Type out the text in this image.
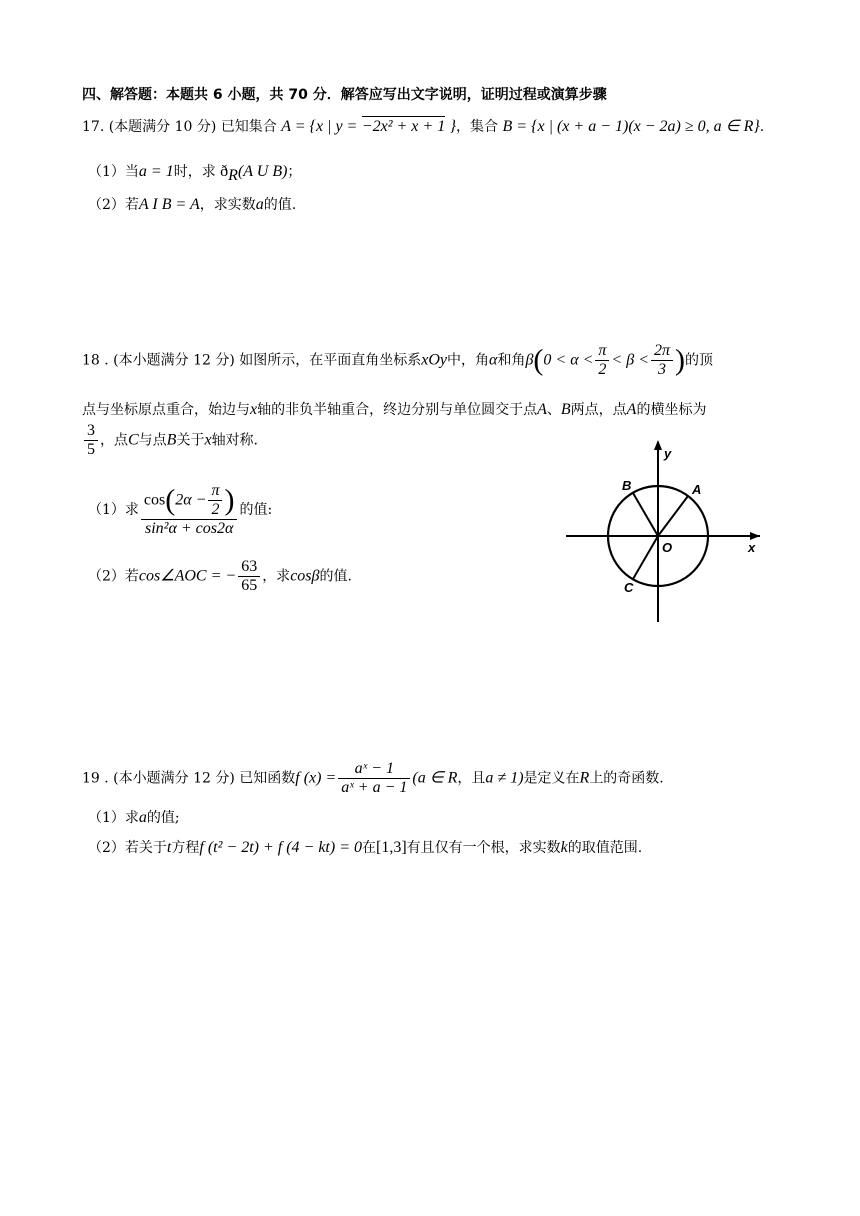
四、解答题：本题共 6 小题，共 70 分．解答应写出文字说明，证明过程或演算步骤
17. (本题满分 10 分) 已知集合 A = {x | y = −2x² + x + 1 }，集合 B = {x | (x + a − 1)(x − 2a) ≥ 0, a ∈ R}.
（1）当a = 1时，求 $ð_R(A$ U B)；
（2）若A I B = A，求实数a的值.
18 . (本小题满分 12 分) 如图所示，在平面直角坐标系xOy中，角α和角$\beta(0 < \alpha < \frac{\pi}{2} < \beta < \frac{2\pi}{3}$ )的顶
点与坐标原点重合，始边与x轴的非负半轴重合，终边分别与单位圆交于点A、B两点，点A的横坐标为
$\frac{3}{5}$ ，点C与点B关于x轴对称.
（1）求 $\frac{\cos(2\alpha - \frac{\pi}{2} )}{\text{sin²α + cos2α}}$ 的值:
（2）若cos∠AOC = − $\frac{63}{65}$ ，求cosβ的值.
y
x
O
A
B
C
19 . (本小题满分 12 分) 已知函数f $(x) = \frac{\text{aˣ − 1}}{\text{aˣ + a − 1}} (a$ ∈ R，且a ≠ 1)是定义在R上的奇函数.
（1）求a的值;
（2）若关于t方程f (t² − 2t) + f (4 − kt) = 0在[1,3]有且仅有一个根，求实数k的取值范围.
